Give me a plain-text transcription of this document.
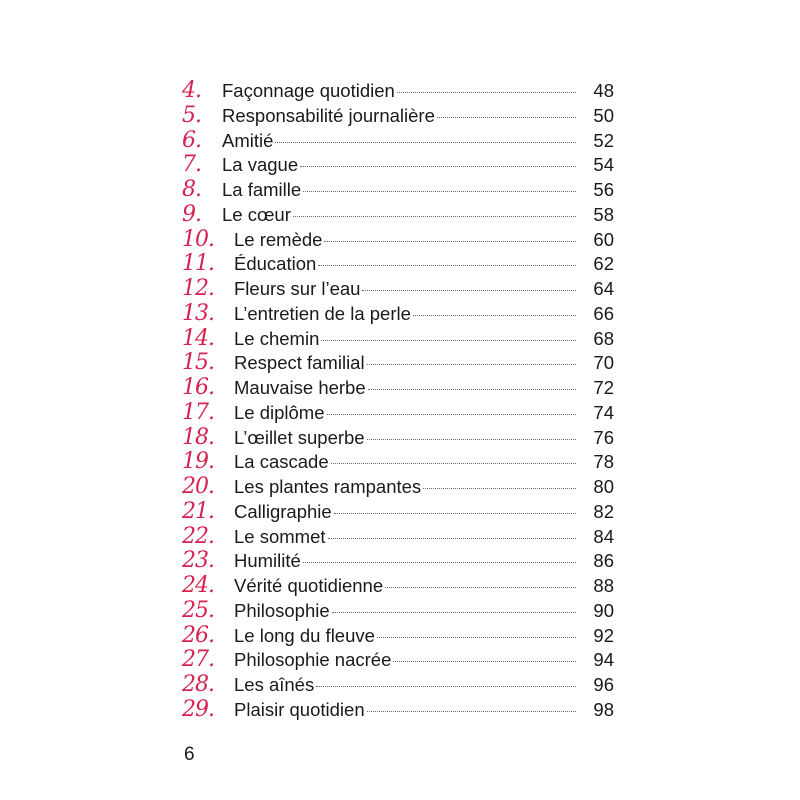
4.	Façonnage quotidien	48
5.	Responsabilité journalière	50
6.	Amitié	52
7.	La vague	54
8.	La famille	56
9.	Le cœur	58
10.	Le remède	60
11.	Éducation	62
12.	Fleurs sur l’eau	64
13.	L’entretien de la perle	66
14.	Le chemin	68
15.	Respect familial	70
16.	Mauvaise herbe	72
17.	Le diplôme	74
18.	L’œillet superbe	76
19.	La cascade	78
20.	Les plantes rampantes	80
21.	Calligraphie	82
22.	Le sommet	84
23.	Humilité	86
24.	Vérité quotidienne	88
25.	Philosophie	90
26.	Le long du fleuve	92
27.	Philosophie nacrée	94
28.	Les aînés	96
29.	Plaisir quotidien	98
6
